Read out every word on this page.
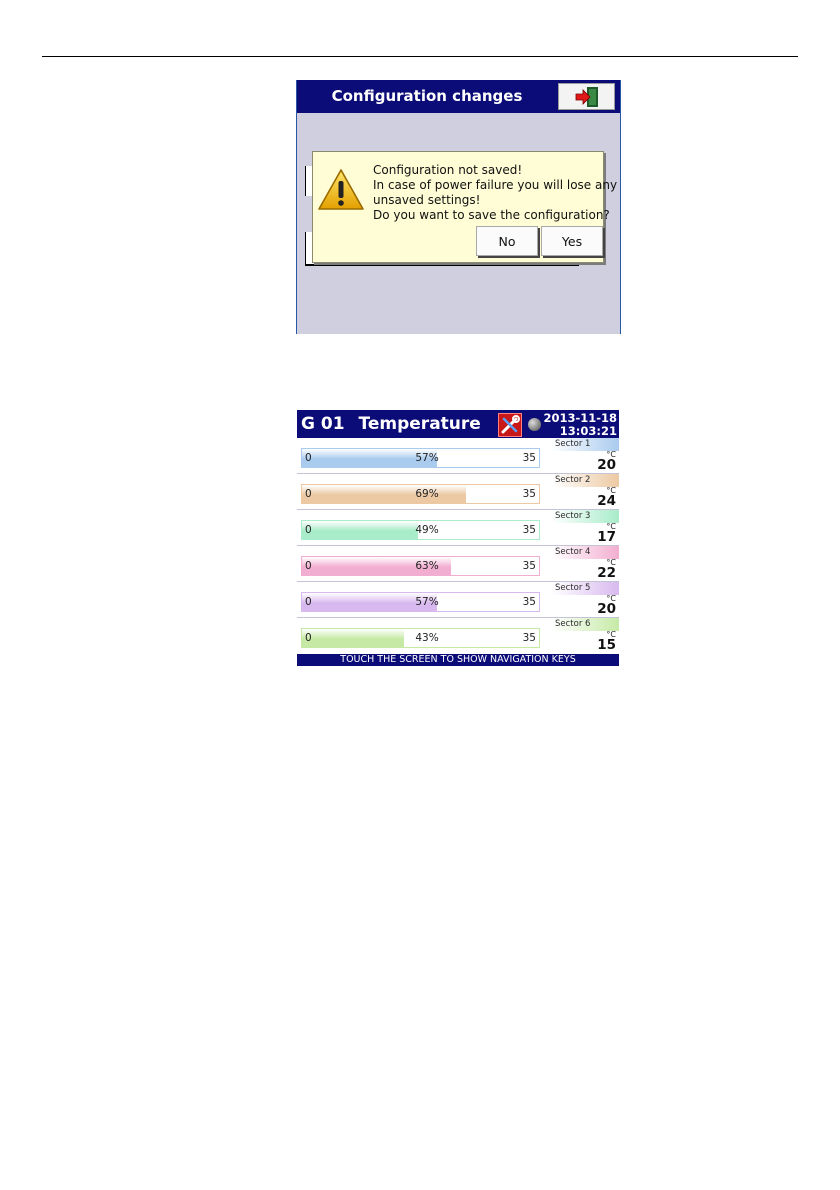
Configuration changes
Configuration not saved!
In case of power failure you will lose any
unsaved settings!
Do you want to save the configuration?
No	Yes
G 01 Temperature	2013-11-18
13:03:21
0	57%	35
Sector 1
°C
20
0	69%	35
Sector 2
°C
24
0	49%	35
Sector 3
°C
17
0	63%	35
Sector 4
°C
22
0	57%	35
Sector 5
°C
20
0	43%	35
Sector 6
°C
15
TOUCH THE SCREEN TO SHOW NAVIGATION KEYS
